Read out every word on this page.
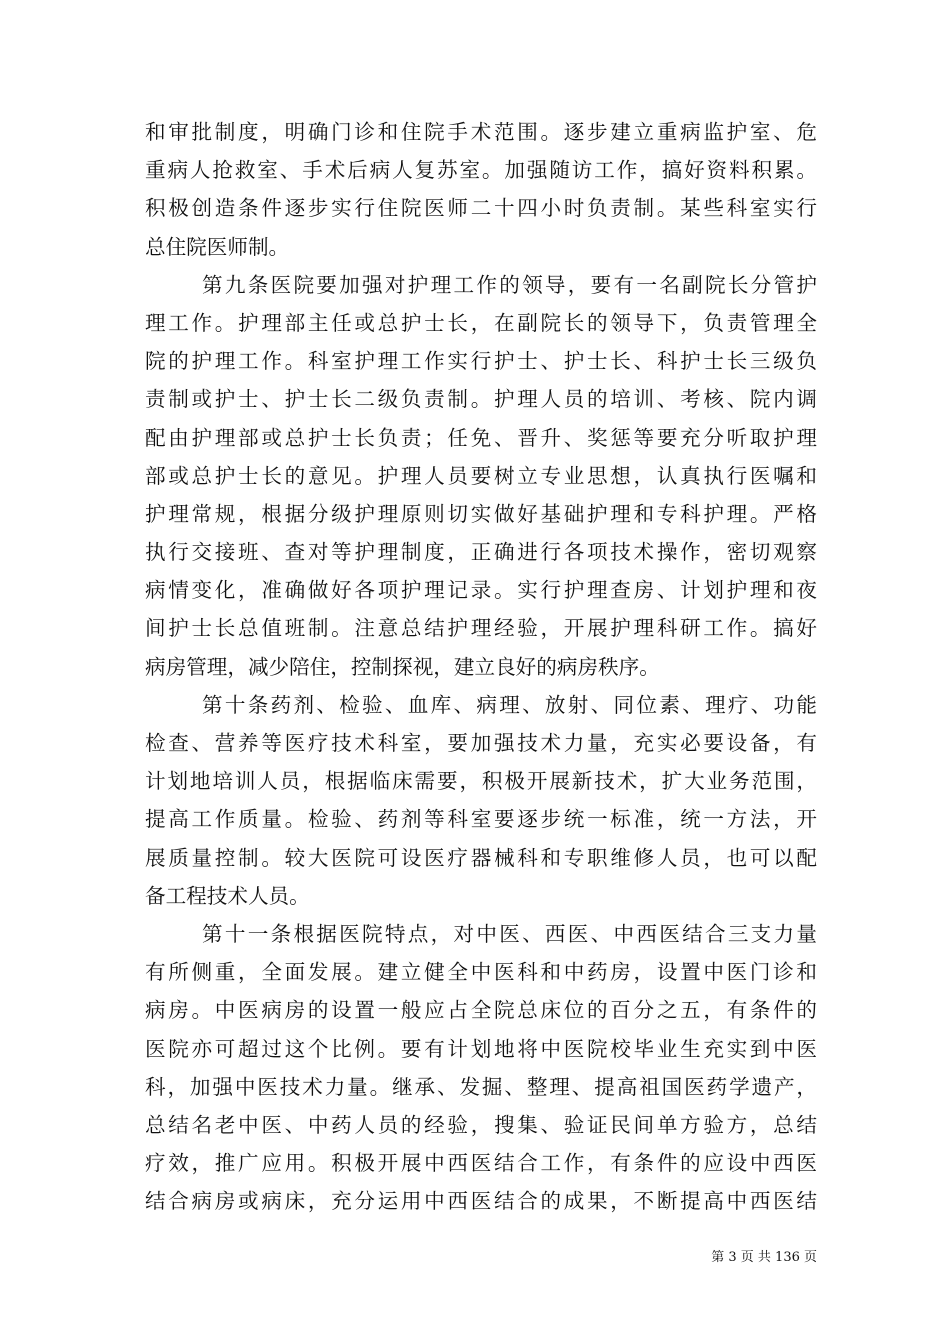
和审批制度，明确门诊和住院手术范围。逐步建立重病监护室、危
重病人抢救室、手术后病人复苏室。加强随访工作，搞好资料积累。
积极创造条件逐步实行住院医师二十四小时负责制。某些科室实行
总住院医师制。
第九条医院要加强对护理工作的领导，要有一名副院长分管护
理工作。护理部主任或总护士长，在副院长的领导下，负责管理全
院的护理工作。科室护理工作实行护士、护士长、科护士长三级负
责制或护士、护士长二级负责制。护理人员的培训、考核、院内调
配由护理部或总护士长负责；任免、晋升、奖惩等要充分听取护理
部或总护士长的意见。护理人员要树立专业思想，认真执行医嘱和
护理常规，根据分级护理原则切实做好基础护理和专科护理。严格
执行交接班、查对等护理制度，正确进行各项技术操作，密切观察
病情变化，准确做好各项护理记录。实行护理查房、计划护理和夜
间护士长总值班制。注意总结护理经验，开展护理科研工作。搞好
病房管理，减少陪住，控制探视，建立良好的病房秩序。
第十条药剂、检验、血库、病理、放射、同位素、理疗、功能
检查、营养等医疗技术科室，要加强技术力量，充实必要设备，有
计划地培训人员，根据临床需要，积极开展新技术，扩大业务范围，
提高工作质量。检验、药剂等科室要逐步统一标准，统一方法，开
展质量控制。较大医院可设医疗器械科和专职维修人员，也可以配
备工程技术人员。
第十一条根据医院特点，对中医、西医、中西医结合三支力量
有所侧重，全面发展。建立健全中医科和中药房，设置中医门诊和
病房。中医病房的设置一般应占全院总床位的百分之五，有条件的
医院亦可超过这个比例。要有计划地将中医院校毕业生充实到中医
科，加强中医技术力量。继承、发掘、整理、提高祖国医药学遗产，
总结名老中医、中药人员的经验，搜集、验证民间单方验方，总结
疗效，推广应用。积极开展中西医结合工作，有条件的应设中西医
结合病房或病床，充分运用中西医结合的成果，不断提高中西医结
第 3 页 共 136 页
